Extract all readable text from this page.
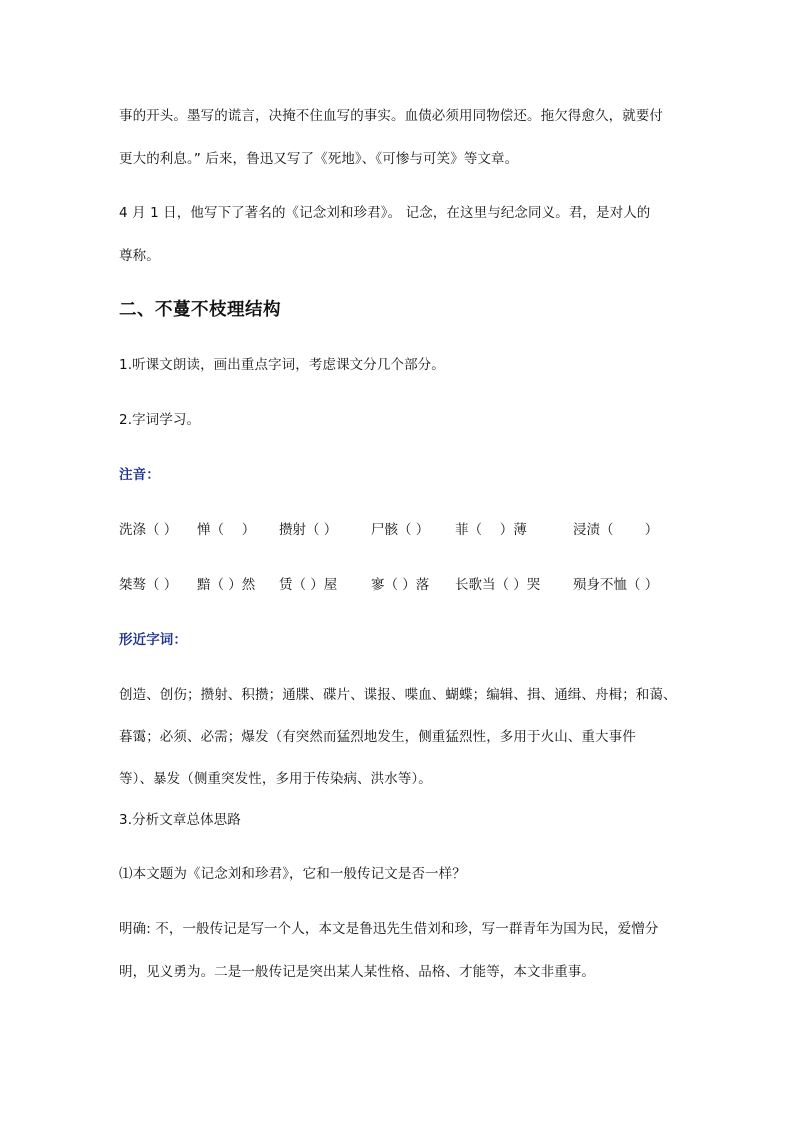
事的开头。墨写的谎言，决掩不住血写的事实。血债必须用同物偿还。拖欠得愈久，就要付
更大的利息。” 后来，鲁迅又写了《死地》、《可惨与可笑》等文章。
4 月 1 日，他写下了著名的《记念刘和珍君》。 记念，在这里与纪念同义。君，是对人的
尊称。
二、不蔓不枝理结构
1.听课文朗读，画出重点字词，考虑课文分几个部分。
2.字词学习。
注音：
洗涤（ ） 惮（　 ） 攒射（ ） 尸骸（ ） 菲（ 　）薄	浸渍（　　 ）
桀骜（ ） 黯（ ）然 赁（ ）屋 寥（ ）落 长歌当（ ）哭 殒身不恤（ ）
形近字词：
创造、创伤；攒射、积攒；通牒、碟片、谍报、喋血、蝴蝶；编辑、揖、通缉、舟楫；和蔼、
暮霭；必须、必需；爆发（有突然而猛烈地发生，侧重猛烈性，多用于火山、重大事件
等）、暴发（侧重突发性，多用于传染病、洪水等）。
3.分析文章总体思路
⑴本文题为《记念刘和珍君》，它和一般传记文是否一样？
明确: 不，一般传记是写一个人，本文是鲁迅先生借刘和珍，写一群青年为国为民，爱憎分
明，见义勇为。二是一般传记是突出某人某性格、品格、才能等，本文非重事。
